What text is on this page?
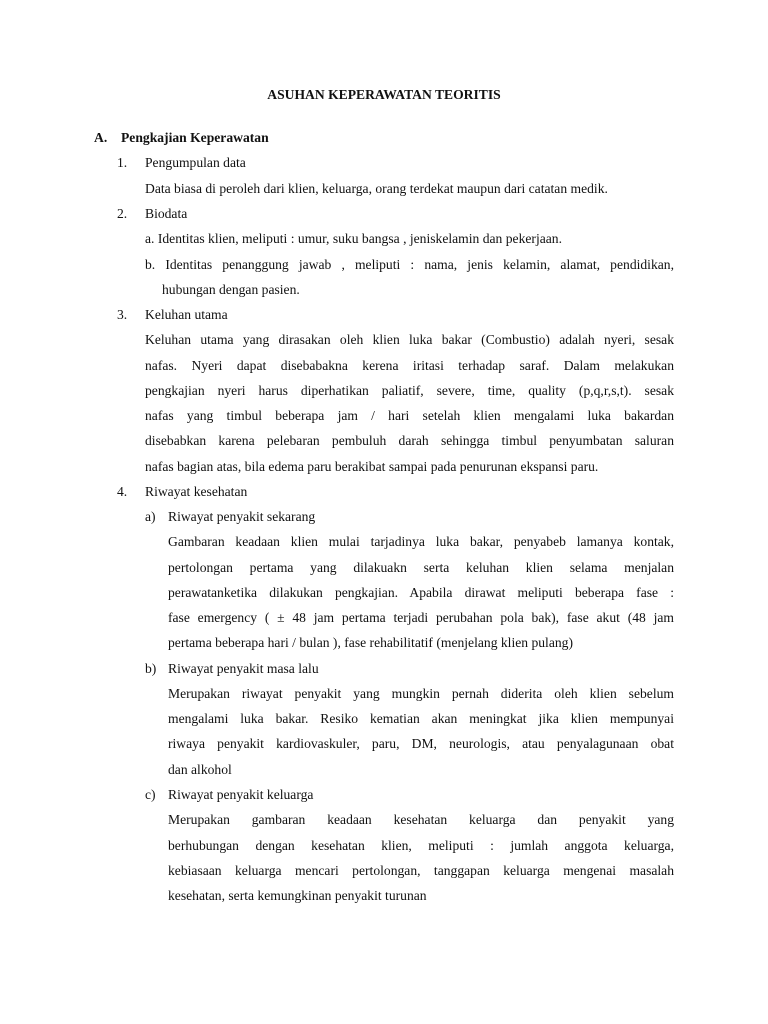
ASUHAN KEPERAWATAN TEORITIS
A. Pengkajian Keperawatan
1. Pengumpulan data
Data biasa di peroleh dari klien, keluarga, orang terdekat maupun dari catatan medik.
2. Biodata
a. Identitas klien, meliputi : umur, suku bangsa , jeniskelamin dan pekerjaan.
b. Identitas penanggung jawab , meliputi : nama, jenis kelamin, alamat, pendidikan,
hubungan dengan pasien.
3. Keluhan utama
Keluhan utama yang dirasakan oleh klien luka bakar (Combustio) adalah nyeri, sesak
nafas. Nyeri dapat disebabakna kerena iritasi terhadap saraf. Dalam melakukan
pengkajian nyeri harus diperhatikan paliatif, severe, time, quality (p,q,r,s,t). sesak
nafas yang timbul beberapa jam / hari setelah klien mengalami luka bakardan
disebabkan karena pelebaran pembuluh darah sehingga timbul penyumbatan saluran
nafas bagian atas, bila edema paru berakibat sampai pada penurunan ekspansi paru.
4. Riwayat kesehatan
a) Riwayat penyakit sekarang
Gambaran keadaan klien mulai tarjadinya luka bakar, penyabeb lamanya kontak,
pertolongan pertama yang dilakuakn serta keluhan klien selama menjalan
perawatanketika dilakukan pengkajian. Apabila dirawat meliputi beberapa fase :
fase emergency ( ± 48 jam pertama terjadi perubahan pola bak), fase akut (48 jam
pertama beberapa hari / bulan ), fase rehabilitatif (menjelang klien pulang)
b) Riwayat penyakit masa lalu
Merupakan riwayat penyakit yang mungkin pernah diderita oleh klien sebelum
mengalami luka bakar. Resiko kematian akan meningkat jika klien mempunyai
riwaya penyakit kardiovaskuler, paru, DM, neurologis, atau penyalagunaan obat
dan alkohol
c) Riwayat penyakit keluarga
Merupakan gambaran keadaan kesehatan keluarga dan penyakit yang
berhubungan dengan kesehatan klien, meliputi : jumlah anggota keluarga,
kebiasaan keluarga mencari pertolongan, tanggapan keluarga mengenai masalah
kesehatan, serta kemungkinan penyakit turunan
